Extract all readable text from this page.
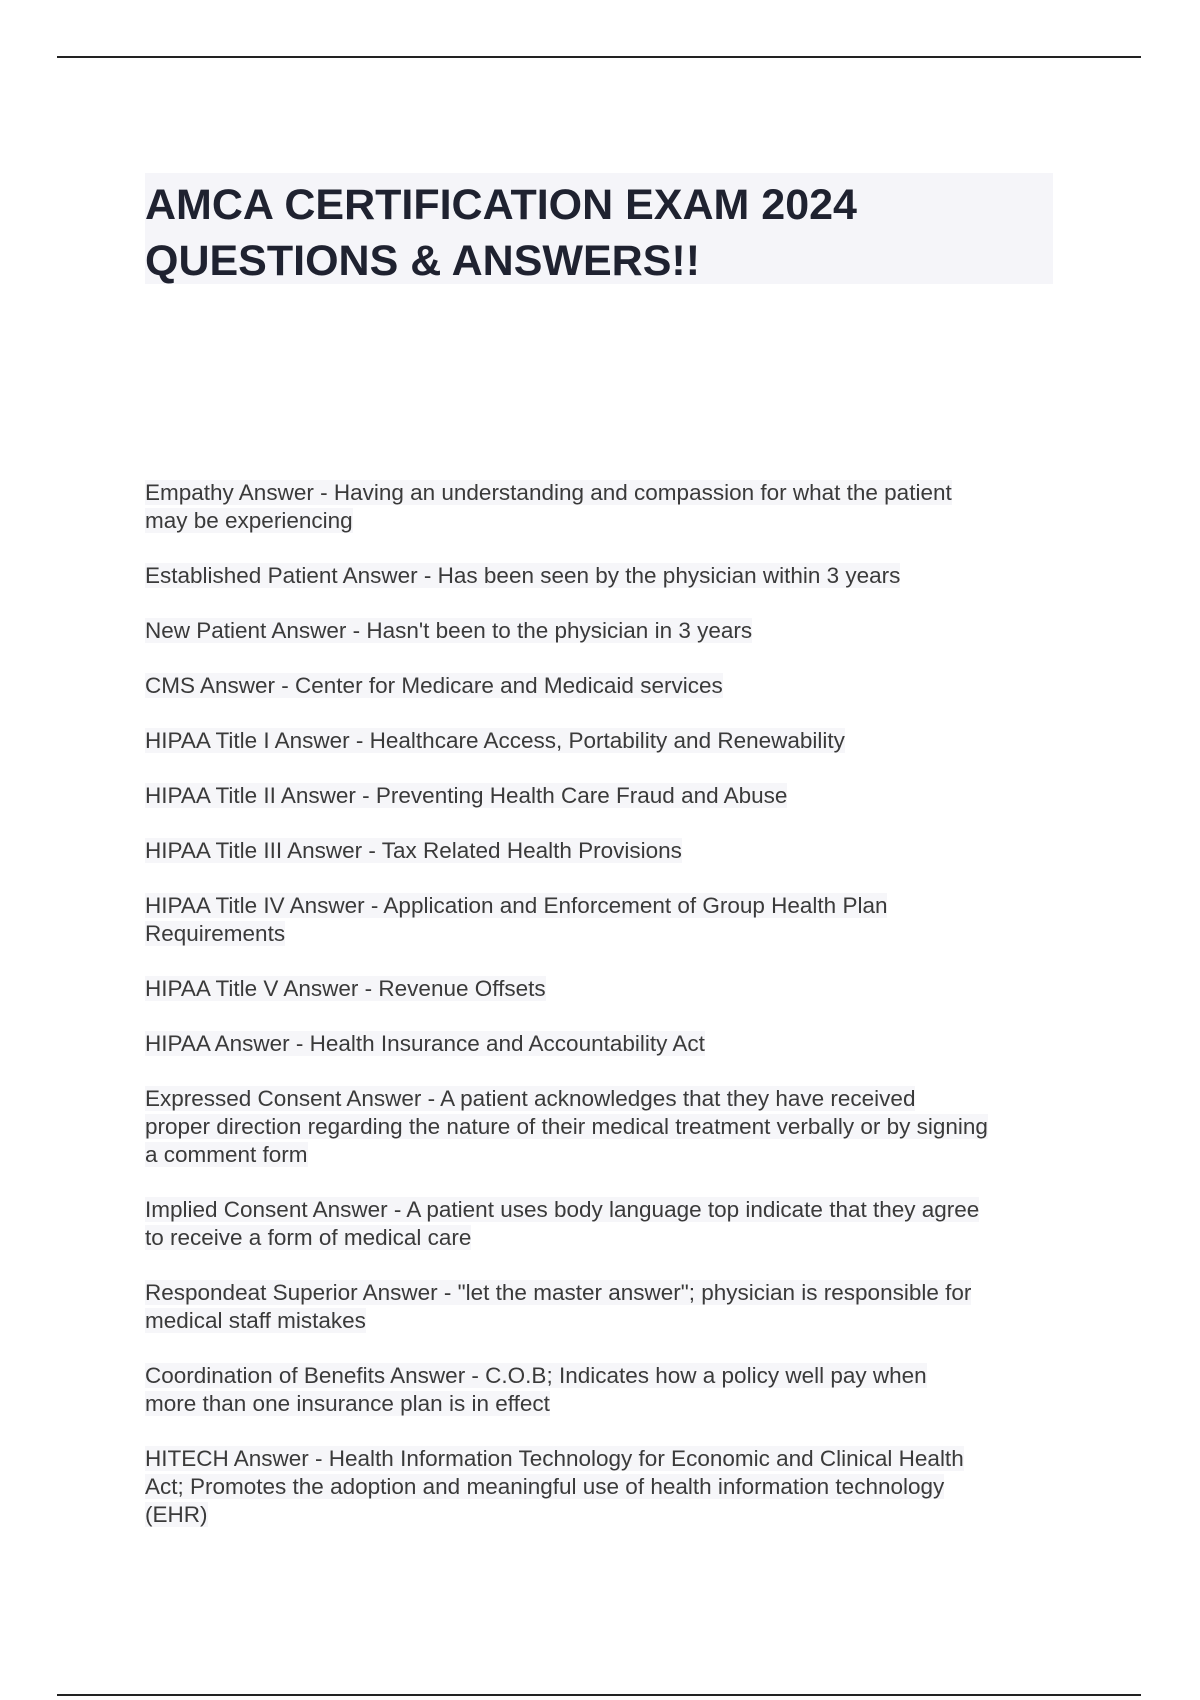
AMCA CERTIFICATION EXAM 2024
QUESTIONS & ANSWERS!!
Empathy Answer - Having an understanding and compassion for what the patient
may be experiencing
Established Patient Answer - Has been seen by the physician within 3 years
New Patient Answer - Hasn't been to the physician in 3 years
CMS Answer - Center for Medicare and Medicaid services
HIPAA Title I Answer - Healthcare Access, Portability and Renewability
HIPAA Title II Answer - Preventing Health Care Fraud and Abuse
HIPAA Title III Answer - Tax Related Health Provisions
HIPAA Title IV Answer - Application and Enforcement of Group Health Plan
Requirements
HIPAA Title V Answer - Revenue Offsets
HIPAA Answer - Health Insurance and Accountability Act
Expressed Consent Answer - A patient acknowledges that they have received
proper direction regarding the nature of their medical treatment verbally or by signing
a comment form
Implied Consent Answer - A patient uses body language top indicate that they agree
to receive a form of medical care
Respondeat Superior Answer - "let the master answer"; physician is responsible for
medical staff mistakes
Coordination of Benefits Answer - C.O.B; Indicates how a policy well pay when
more than one insurance plan is in effect
HITECH Answer - Health Information Technology for Economic and Clinical Health
Act; Promotes the adoption and meaningful use of health information technology
(EHR)
